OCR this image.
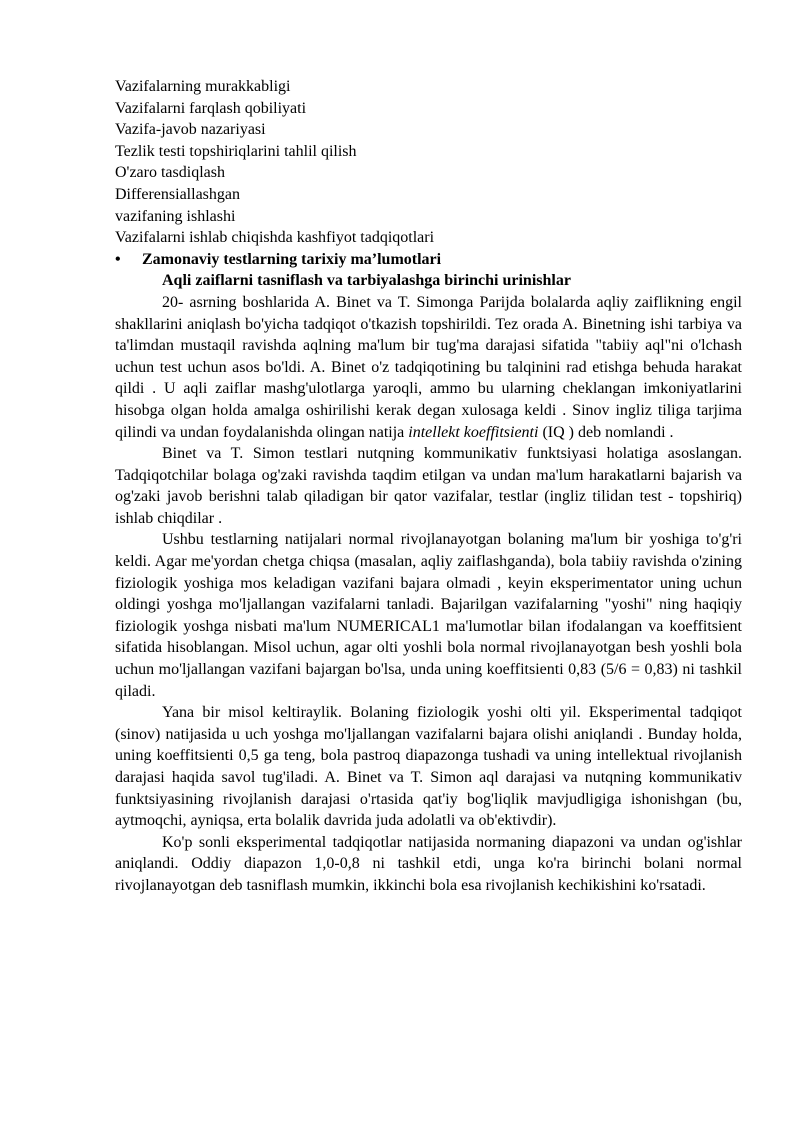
Vazifalarning murakkabligi

Vazifalarni farqlash qobiliyati

Vazifa-javob nazariyasi

Tezlik testi topshiriqlarini tahlil qilish

O'zaro tasdiqlash

Differensiallashgan

vazifaning ishlashi

Vazifalarni ishlab chiqishda kashfiyot tadqiqotlari

• Zamonaviy testlarning tarixiy ma’lumotlari

Aqli zaiflarni tasniflash va tarbiyalashga birinchi urinishlar

20- asrning boshlarida A. Binet va T. Simonga Parijda bolalarda aqliy zaiflikning engil shakllarini aniqlash bo'yicha tadqiqot o'tkazish topshirildi. Tez orada A. Binetning ishi tarbiya va ta'limdan mustaqil ravishda aqlning ma'lum bir tug'ma darajasi sifatida "tabiiy aql"ni o'lchash uchun test uchun asos bo'ldi. A. Binet o'z tadqiqotining bu talqinini rad etishga behuda harakat qildi . U aqli zaiflar mashg'ulotlarga yaroqli, ammo bu ularning cheklangan imkoniyatlarini hisobga olgan holda amalga oshirilishi kerak degan xulosaga keldi . Sinov ingliz tiliga tarjima qilindi va undan foydalanishda olingan natija intellekt koeffitsienti (IQ ) deb nomlandi .

Binet va T. Simon testlari nutqning kommunikativ funktsiyasi holatiga asoslangan. Tadqiqotchilar bolaga og'zaki ravishda taqdim etilgan va undan ma'lum harakatlarni bajarish va og'zaki javob berishni talab qiladigan bir qator vazifalar, testlar (ingliz tilidan test - topshiriq) ishlab chiqdilar .

Ushbu testlarning natijalari normal rivojlanayotgan bolaning ma'lum bir yoshiga to'g'ri keldi. Agar me'yordan chetga chiqsa (masalan, aqliy zaiflashganda), bola tabiiy ravishda o'zining fiziologik yoshiga mos keladigan vazifani bajara olmadi , keyin eksperimentator uning uchun oldingi yoshga mo'ljallangan vazifalarni tanladi. Bajarilgan vazifalarning "yoshi" ning haqiqiy fiziologik yoshga nisbati ma'lum NUMERICAL1 ma'lumotlar bilan ifodalangan va koeffitsient sifatida hisoblangan. Misol uchun, agar olti yoshli bola normal rivojlanayotgan besh yoshli bola uchun mo'ljallangan vazifani bajargan bo'lsa, unda uning koeffitsienti 0,83 (5/6 = 0,83) ni tashkil qiladi.

Yana bir misol keltiraylik. Bolaning fiziologik yoshi olti yil. Eksperimental tadqiqot (sinov) natijasida u uch yoshga mo'ljallangan vazifalarni bajara olishi aniqlandi . Bunday holda, uning koeffitsienti 0,5 ga teng, bola pastroq diapazonga tushadi va uning intellektual rivojlanish darajasi haqida savol tug'iladi. A. Binet va T. Simon aql darajasi va nutqning kommunikativ funktsiyasining rivojlanish darajasi o'rtasida qat'iy bog'liqlik mavjudligiga ishonishgan (bu, aytmoqchi, ayniqsa, erta bolalik davrida juda adolatli va ob'ektivdir).

Ko'p sonli eksperimental tadqiqotlar natijasida normaning diapazoni va undan og'ishlar aniqlandi. Oddiy diapazon 1,0-0,8 ni tashkil etdi, unga ko'ra birinchi bolani normal rivojlanayotgan deb tasniflash mumkin, ikkinchi bola esa rivojlanish kechikishini ko'rsatadi.
